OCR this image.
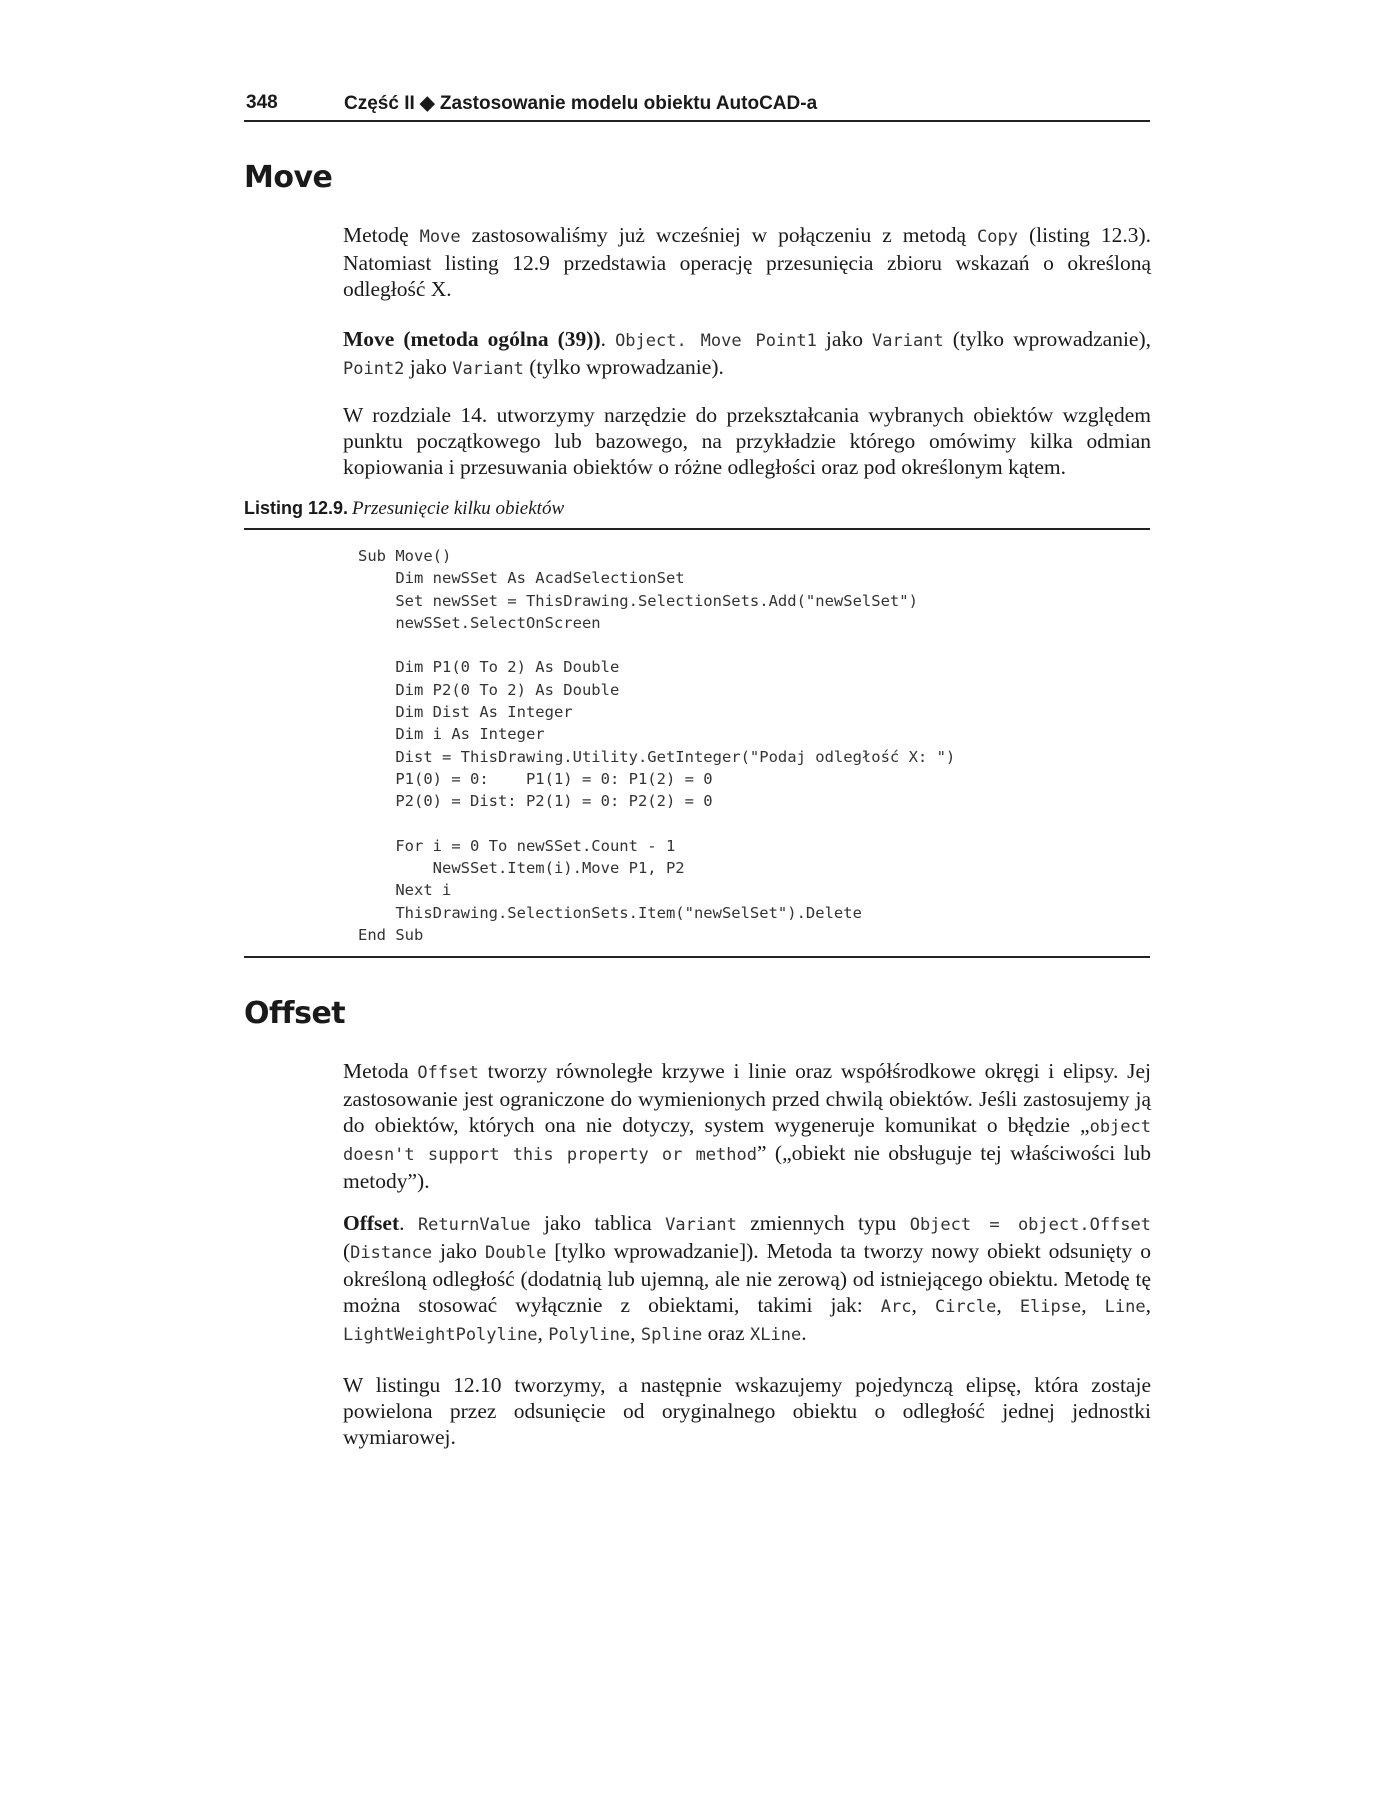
348	Część II ◆ Zastosowanie modelu obiektu AutoCAD-a
Move

Metodę Move zastosowaliśmy już wcześniej w połączeniu z metodą Copy (listing 12.3). Natomiast listing 12.9 przedstawia operację przesunięcia zbioru wskazań o określoną odległość X.

Move (metoda ogólna (39)). Object. Move Point1 jako Variant (tylko wprowadzanie), Point2 jako Variant (tylko wprowadzanie).

W rozdziale 14. utworzymy narzędzie do przekształcania wybranych obiektów względem punktu początkowego lub bazowego, na przykładzie którego omówimy kilka odmian kopiowania i przesuwania obiektów o różne odległości oraz pod określonym kątem.

Listing 12.9. Przesunięcie kilku obiektów
Sub Move()
Dim newSSet As AcadSelectionSet
Set newSSet = ThisDrawing.SelectionSets.Add("newSelSet")
newSSet.SelectOnScreen

Dim P1(0 To 2) As Double
Dim P2(0 To 2) As Double
Dim Dist As Integer
Dim i As Integer
Dist = ThisDrawing.Utility.GetInteger("Podaj odległość X: ")
P1(0) = 0:    P1(1) = 0: P1(2) = 0
P2(0) = Dist: P2(1) = 0: P2(2) = 0

For i = 0 To newSSet.Count - 1
NewSSet.Item(i).Move P1, P2
Next i
ThisDrawing.SelectionSets.Item("newSelSet").Delete
End Sub
Offset

Metoda Offset tworzy równoległe krzywe i linie oraz współśrodkowe okręgi i elipsy. Jej zastosowanie jest ograniczone do wymienionych przed chwilą obiektów. Jeśli zastosujemy ją do obiektów, których ona nie dotyczy, system wygeneruje komunikat o błędzie „object doesn't support this property or method” („obiekt nie obsługuje tej właściwości lub metody”).

Offset. ReturnValue jako tablica Variant zmiennych typu Object = object.Offset (Distance jako Double [tylko wprowadzanie]). Metoda ta tworzy nowy obiekt odsunięty o określoną odległość (dodatnią lub ujemną, ale nie zerową) od istniejącego obiektu. Metodę tę można stosować wyłącznie z obiektami, takimi jak: Arc, Circle, Elipse, Line, LightWeightPolyline, Polyline, Spline oraz XLine.

W listingu 12.10 tworzymy, a następnie wskazujemy pojedynczą elipsę, która zostaje powielona przez odsunięcie od oryginalnego obiektu o odległość jednej jednostki wymiarowej.
